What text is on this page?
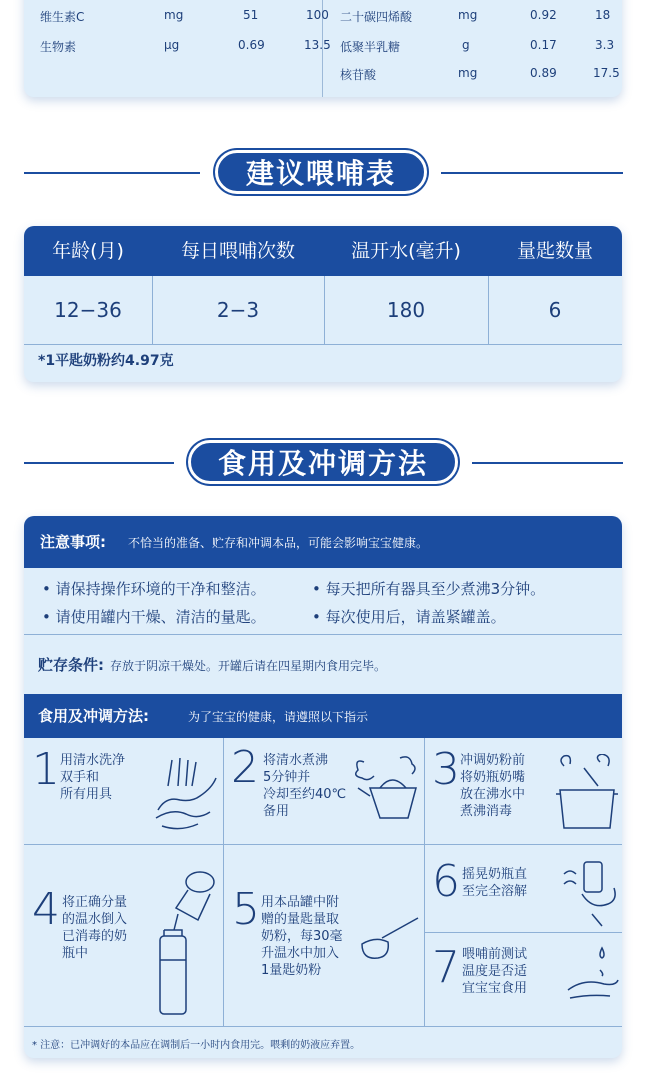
维生素C	mg	51	100
生物素	μg	0.69	13.5
二十碳四烯酸	mg	0.92	18
低聚半乳糖	g	0.17	3.3
核苷酸	mg	0.89	17.5
建议喂哺表
年龄(月)	每日喂哺次数	温开水(毫升)	量匙数量
12−36	2−3	180	6
*1平匙奶粉约4.97克
食用及冲调方法
注意事项: 不恰当的准备、贮存和冲调本品，可能会影响宝宝健康。
• 请保持操作环境的干净和整洁。	• 每天把所有器具至少煮沸3分钟。
• 请使用罐内干燥、清洁的量匙。	• 每次使用后，请盖紧罐盖。
贮存条件: 存放于阴凉干燥处。开罐后请在四星期内食用完毕。
食用及冲调方法:	为了宝宝的健康，请遵照以下指示
1 用清水洗净
双手和
所有用具
2 将清水煮沸
5分钟并
冷却至约40℃
备用
3 冲调奶粉前
将奶瓶奶嘴
放在沸水中
煮沸消毒
4 将正确分量
的温水倒入
已消毒的奶
瓶中
5 用本品罐中附
赠的量匙量取
奶粉，每30毫
升温水中加入
1量匙奶粉
6 摇晃奶瓶直
至完全溶解
7 喂哺前测试
温度是否适
宜宝宝食用
* 注意：已冲调好的本品应在调制后一小时内食用完。喂剩的奶液应弃置。
